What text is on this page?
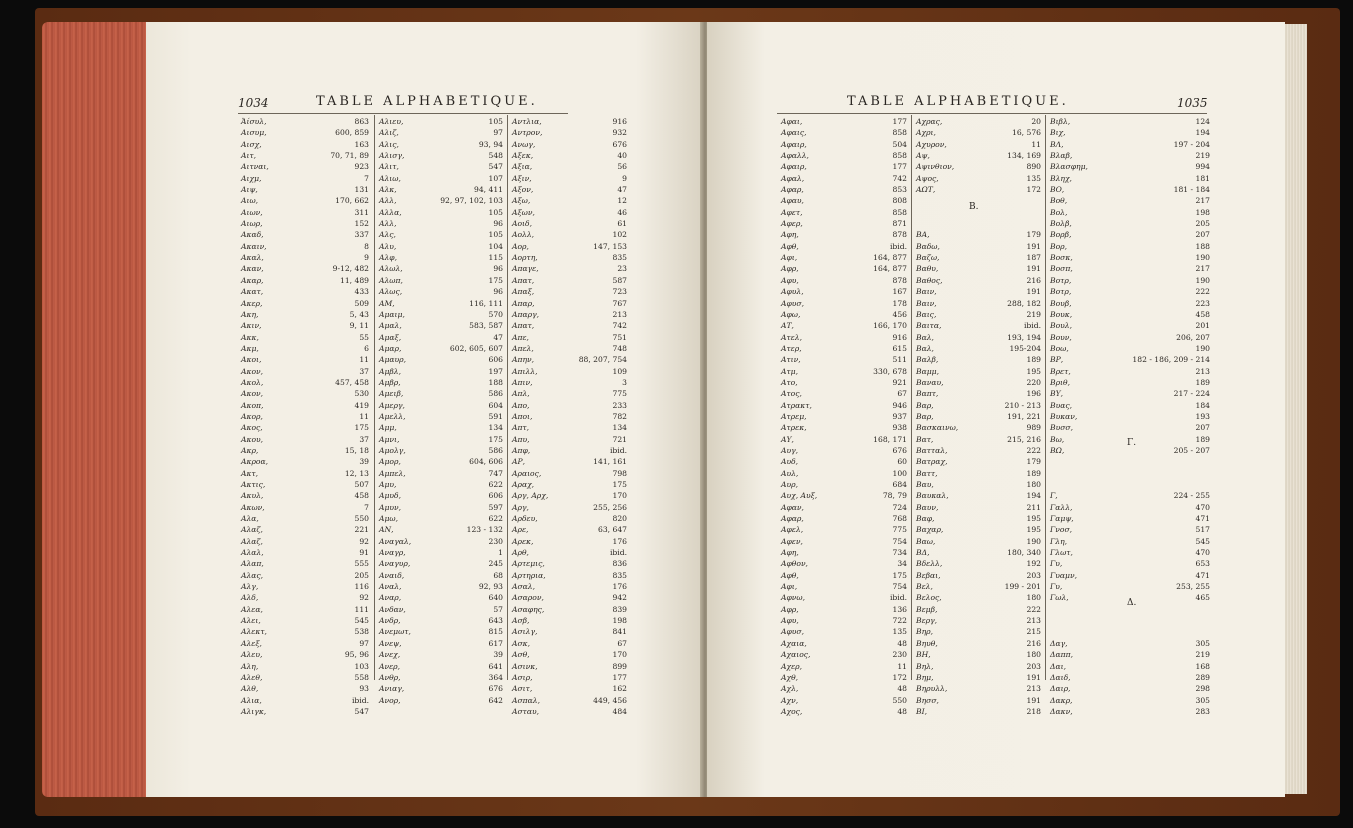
1034	TABLE ALPHABETIQUE.
Ἀίσυλ,	863
Αισυμ,	600, 859
Αισχ,	163
Αιτ,	70, 71, 89
Αιτναι,	923
Αιχμ,	7
Αιψ,	131
Αιω,	170, 662
Αιων,	311
Αιωρ,	152
Ακαδ,	337
Ακαιν,	8
Ακαλ,	9
Ακαν,	9-12, 482
Ακαρ,	11, 489
Ακατ,	433
Ακερ,	509
Ακη,	5, 43
Ακιν,	9, 11
Ακκ,	55
Ακμ,	6
Ακοι,	11
Ακον,	37
Ακολ,	457, 458
Ακον,	530
Ακοπ,	419
Ακορ,	11
Ακος,	175
Ακου,	37
Ακρ,	15, 18
Ακροα,	39
Ακτ,	12, 13
Ακτις,	507
Ακυλ,	458
Ακων,	7
Αλα,	550
Αλαζ,	221
Αλαζ,	92
Αλαλ,	91
Αλαπ,	555
Αλας,	205
Αλγ,	116
Αλδ,	92
Αλεα,	111
Αλει,	545
Αλεκτ,	538
Αλεξ,	97
Αλευ,	95, 96
Αλη,	103
Αλεθ,	558
Αλθ,	93
Αλια,	ibid.
Αλιγκ,	547
Αλιευ,	105
Αλιζ,	97
Αλις,	93, 94
Αλισγ,	548
Αλιτ,	547
Αλιω,	107
Αλκ,	94, 411
Αλλ,	92, 97, 102, 103
Αλλα,	105
Αλλ,	96
Αλς,	105
Αλυ,	104
Αλφ,	115
Αλωλ,	96
Αλωπ,	175
Αλως,	96
ΑΜ,	116, 111
Αμαιμ,	570
Αμαλ,	583, 587
Αμαξ,	47
Αμαρ,	602, 605, 607
Αμαυρ,	606
Αμβλ,	197
Αμβρ,	188
Αμειβ,	586
Αμεργ,	604
Αμελλ,	591
Αμμ,	134
Αμνι,	175
Αμολγ,	586
Αμορ,	604, 606
Αμπελ,	747
Αμυ,	622
Αμυδ,	606
Αμυν,	597
Αμω,	622
ΑΝ,	123 - 132
Αναγαλ,	230
Αναγρ,	1
Αναγυρ,	245
Αναιδ,	68
Αναλ,	92, 93
Αναρ,	640
Ανδαν,	57
Ανδρ,	643
Ανεμωτ,	815
Ανεψ,	617
Ανεχ,	39
Ανερ,	641
Ανθρ,	364
Ανιαγ,	676
Ανορ,	642
Αντλια,	916
Αντρον,	932
Ανωγ,	676
Αξεκ,	40
Αξια,	56
Αξιν,	9
Αξον,	47
Αξω,	12
Αξων,	46
Αοιδ,	61
Αολλ,	102
Αορ,	147, 153
Αορτη,	835
Απαγε,	23
Απατ,	587
Απαξ,	723
Απαρ,	767
Απαργ,	213
Απατ,	742
Απε,	751
Απελ,	748
Απην,	88, 207, 754
Απιλλ,	109
Απιν,	3
Απλ,	775
Απο,	233
Αποι,	782
Απτ,	134
Απυ,	721
Απφ,	ibid.
ΑΡ,	141, 161
Αραιος,	798
Αραχ,	175
Αργ, Αρχ,	170
Αργ,	255, 256
Αρδευ,	820
Αρε,	63, 647
Αρεκ,	176
Αρθ,	ibid.
Αρτεμις,	836
Αρτηρια,	835
Ασαλ,	176
Ασαρον,	942
Ασαφης,	839
Ασβ,	198
Ασιλγ,	841
Ασκ,	67
Ασθ,	170
Ασινκ,	899
Ασιρ,	177
Ασιτ,	162
Ασπαλ,	449, 456
Ασταυ,	484
TABLE ALPHABETIQUE.	1035
Αφαι,	177
Αφαις,	858
Αφαιρ,	504
Αφαλλ,	858
Αφαιρ,	177
Αφαλ,	742
Αφαρ,	853
Αφαυ,	808
Αφετ,	858
Αφερ,	871
Αφη,	878
Αφθ,	ibid.
Αφι,	164, 877
Αφρ,	164, 877
Αφυ,	878
Αφυλ,	167
Αφυσ,	178
Αφω,	456
ΑΤ,	166, 170
Ατελ,	916
Ατερ,	615
Ατιν,	511
Ατμ,	330, 678
Ατο,	921
Ατος,	67
Ατρακτ,	946
Ατρεμ,	937
Ατρεκ,	938
ΑΥ,	168, 171
Αυγ,	676
Αυδ,	60
Αυλ,	100
Αυρ,	684
Αυχ, Αυξ,	78, 79
Αφαν,	724
Αφαρ,	768
Αφελ,	775
Αφεν,	754
Αφη,	734
Αφθον,	34
Αφθ,	175
Αφι,	754
Αφνω,	ibid.
Αφρ,	136
Αφυ,	722
Αφυσ,	135
Αχαια,	48
Αχαιος,	230
Αχερ,	11
Αχθ,	172
Αχλ,	48
Αχν,	550
Αχος,	48
Αχρας,	20
Αχρι,	16, 576
Αχυρον,	11
Αψ,	134, 169
Αψινθιον,	890
Αψος,	135
ΑΩΤ,	172
ΒΑ,	179
Βαδω,	191
Βαζω,	187
Βαθυ,	191
Βαθος,	216
Βαιν,	191
Βαιν,	288, 182
Βαις,	219
Βαιτα,	ibid.
Βαλ,	193, 194
Βαλ,	195-204
Βαλβ,	189
Βαμμ,	195
Βαναυ,	220
Βαπτ,	196
Βαρ,	210 - 213
Βαρ,	191, 221
Βασκαινω,	989
Βατ,	215, 216
Βατταλ,	222
Βατραχ,	179
Βαττ,	189
Βαυ,	180
Βαυκαλ,	194
Βαυν,	211
Βαφ,	195
Βαχαρ,	195
Βαω,	190
ΒΔ,	180, 340
Βδελλ,	192
Βεβαι,	203
Βελ,	199 - 201
Βελος,	180
Βεμβ,	222
Βεργ,	213
Βηρ,	215
Βηυθ,	216
ΒΗ,	180
Βηλ,	203
Βημ,	191
Βηρυλλ,	213
Βησσ,	191
ΒΙ,	218
Βιβλ,	124
Βιχ,	194
ΒΛ,	197 - 204
Βλαβ,	219
Βλασφημ,	994
Βληχ,	181
ΒΟ,	181 - 184
Βοθ,	217
Βολ,	198
Βολβ,	205
Βορβ,	207
Βορ,	188
Βοσκ,	190
Βοσπ,	217
Βοτρ,	190
Βοτρ,	222
Βουβ,	223
Βουκ,	458
Βουλ,	201
Βουν,	206, 207
Βοω,	190
ΒΡ,	182 - 186, 209 - 214
Βρετ,	213
Βριθ,	189
ΒΥ,	217 - 224
Βυας,	184
Βυκαν,	193
Βυσσ,	207
Βω,	189
ΒΩ,	205 - 207
Γ,	224 - 255
Γαλλ,	470
Γαμψ,	471
Γνοσ,	517
Γλη,	545
Γλωτ,	470
Γυ,	653
Γυαμν,	471
Γυ,	253, 255
Γωλ,	465
Δαγ,	305
Δαππ,	219
Δαι,	168
Δαιδ,	289
Δαιρ,	298
Δακρ,	305
Δακν,	283
Β.
Γ.
Δ.
